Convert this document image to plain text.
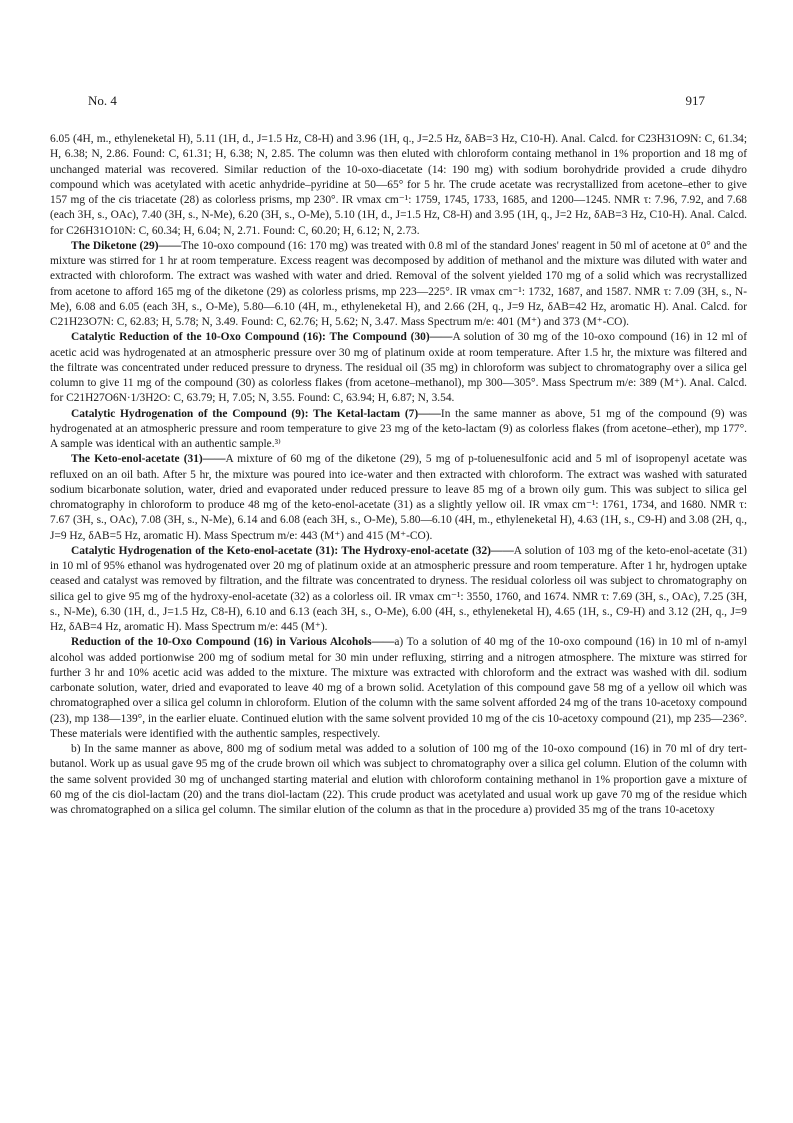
No. 4	917

6.05 (4H, m., ethyleneketal H), 5.11 (1H, d., J=1.5 Hz, C8-H) and 3.96 (1H, q., J=2.5 Hz, δAB=3 Hz, C10-H). Anal. Calcd. for C23H31O9N: C, 61.34; H, 6.38; N, 2.86. Found: C, 61.31; H, 6.38; N, 2.85. The column was then eluted with chloroform containg methanol in 1% proportion and 18 mg of unchanged material was recovered. Similar reduction of the 10-oxo-diacetate (14: 190 mg) with sodium borohydride provided a crude dihydro compound which was acetylated with acetic anhydride–pyridine at 50—65° for 5 hr. The crude acetate was recrystallized from acetone–ether to give 157 mg of the cis triacetate (28) as colorless prisms, mp 230°. IR νmax cm⁻¹: 1759, 1745, 1733, 1685, and 1200—1245. NMR τ: 7.96, 7.92, and 7.68 (each 3H, s., OAc), 7.40 (3H, s., N-Me), 6.20 (3H, s., O-Me), 5.10 (1H, d., J=1.5 Hz, C8-H) and 3.95 (1H, q., J=2 Hz, δAB=3 Hz, C10-H). Anal. Calcd. for C26H31O10N: C, 60.34; H, 6.04; N, 2.71. Found: C, 60.20; H, 6.12; N, 2.73.

The Diketone (29)——The 10-oxo compound (16: 170 mg) was treated with 0.8 ml of the standard Jones' reagent in 50 ml of acetone at 0° and the mixture was stirred for 1 hr at room temperature. Excess reagent was decomposed by addition of methanol and the mixture was diluted with water and extracted with chloroform. The extract was washed with water and dried. Removal of the solvent yielded 170 mg of a solid which was recrystallized from acetone to afford 165 mg of the diketone (29) as colorless prisms, mp 223—225°. IR νmax cm⁻¹: 1732, 1687, and 1587. NMR τ: 7.09 (3H, s., N-Me), 6.08 and 6.05 (each 3H, s., O-Me), 5.80—6.10 (4H, m., ethyleneketal H), and 2.66 (2H, q., J=9 Hz, δAB=42 Hz, aromatic H). Anal. Calcd. for C21H23O7N: C, 62.83; H, 5.78; N, 3.49. Found: C, 62.76; H, 5.62; N, 3.47. Mass Spectrum m/e: 401 (M⁺) and 373 (M⁺-CO).

Catalytic Reduction of the 10-Oxo Compound (16): The Compound (30)——A solution of 30 mg of the 10-oxo compound (16) in 12 ml of acetic acid was hydrogenated at an atmospheric pressure over 30 mg of platinum oxide at room temperature. After 1.5 hr, the mixture was filtered and the filtrate was concentrated under reduced pressure to dryness. The residual oil (35 mg) in chloroform was subject to chromatography over a silica gel column to give 11 mg of the compound (30) as colorless flakes (from acetone–methanol), mp 300—305°. Mass Spectrum m/e: 389 (M⁺). Anal. Calcd. for C21H27O6N·1/3H2O: C, 63.79; H, 7.05; N, 3.55. Found: C, 63.94; H, 6.87; N, 3.54.

Catalytic Hydrogenation of the Compound (9): The Ketal-lactam (7)——In the same manner as above, 51 mg of the compound (9) was hydrogenated at an atmospheric pressure and room temperature to give 23 mg of the keto-lactam (9) as colorless flakes (from acetone–ether), mp 177°. A sample was identical with an authentic sample.³⁾

The Keto-enol-acetate (31)——A mixture of 60 mg of the diketone (29), 5 mg of p-toluenesulfonic acid and 5 ml of isopropenyl acetate was refluxed on an oil bath. After 5 hr, the mixture was poured into ice-water and then extracted with chloroform. The extract was washed with saturated sodium bicarbonate solution, water, dried and evaporated under reduced pressure to leave 85 mg of a brown oily gum. This was subject to silica gel chromatography in chloroform to produce 48 mg of the keto-enol-acetate (31) as a slightly yellow oil. IR νmax cm⁻¹: 1761, 1734, and 1680. NMR τ: 7.67 (3H, s., OAc), 7.08 (3H, s., N-Me), 6.14 and 6.08 (each 3H, s., O-Me), 5.80—6.10 (4H, m., ethyleneketal H), 4.63 (1H, s., C9-H) and 3.08 (2H, q., J=9 Hz, δAB=5 Hz, aromatic H). Mass Spectrum m/e: 443 (M⁺) and 415 (M⁺-CO).

Catalytic Hydrogenation of the Keto-enol-acetate (31): The Hydroxy-enol-acetate (32)——A solution of 103 mg of the keto-enol-acetate (31) in 10 ml of 95% ethanol was hydrogenated over 20 mg of platinum oxide at an atmospheric pressure and room temperature. After 1 hr, hydrogen uptake ceased and catalyst was removed by filtration, and the filtrate was concentrated to dryness. The residual colorless oil was subject to chromatography on silica gel to give 95 mg of the hydroxy-enol-acetate (32) as a colorless oil. IR νmax cm⁻¹: 3550, 1760, and 1674. NMR τ: 7.69 (3H, s., OAc), 7.25 (3H, s., N-Me), 6.30 (1H, d., J=1.5 Hz, C8-H), 6.10 and 6.13 (each 3H, s., O-Me), 6.00 (4H, s., ethyleneketal H), 4.65 (1H, s., C9-H) and 3.12 (2H, q., J=9 Hz, δAB=4 Hz, aromatic H). Mass Spectrum m/e: 445 (M⁺).

Reduction of the 10-Oxo Compound (16) in Various Alcohols——a) To a solution of 40 mg of the 10-oxo compound (16) in 10 ml of n-amyl alcohol was added portionwise 200 mg of sodium metal for 30 min under refluxing, stirring and a nitrogen atmosphere. The mixture was stirred for further 3 hr and 10% acetic acid was added to the mixture. The mixture was extracted with chloroform and the extract was washed with dil. sodium carbonate solution, water, dried and evaporated to leave 40 mg of a brown solid. Acetylation of this compound gave 58 mg of a yellow oil which was chromatographed over a silica gel column in chloroform. Elution of the column with the same solvent afforded 24 mg of the trans 10-acetoxy compound (23), mp 138—139°, in the earlier eluate. Continued elution with the same solvent provided 10 mg of the cis 10-acetoxy compound (21), mp 235—236°. These materials were identified with the authentic samples, respectively.

b) In the same manner as above, 800 mg of sodium metal was added to a solution of 100 mg of the 10-oxo compound (16) in 70 ml of dry tert-butanol. Work up as usual gave 95 mg of the crude brown oil which was subject to chromatography over a silica gel column. Elution of the column with the same solvent provided 30 mg of unchanged starting material and elution with chloroform containing methanol in 1% proportion gave a mixture of 60 mg of the cis diol-lactam (20) and the trans diol-lactam (22). This crude product was acetylated and usual work up gave 70 mg of the residue which was chromatographed on a silica gel column. The similar elution of the column as that in the procedure a) provided 35 mg of the trans 10-acetoxy
